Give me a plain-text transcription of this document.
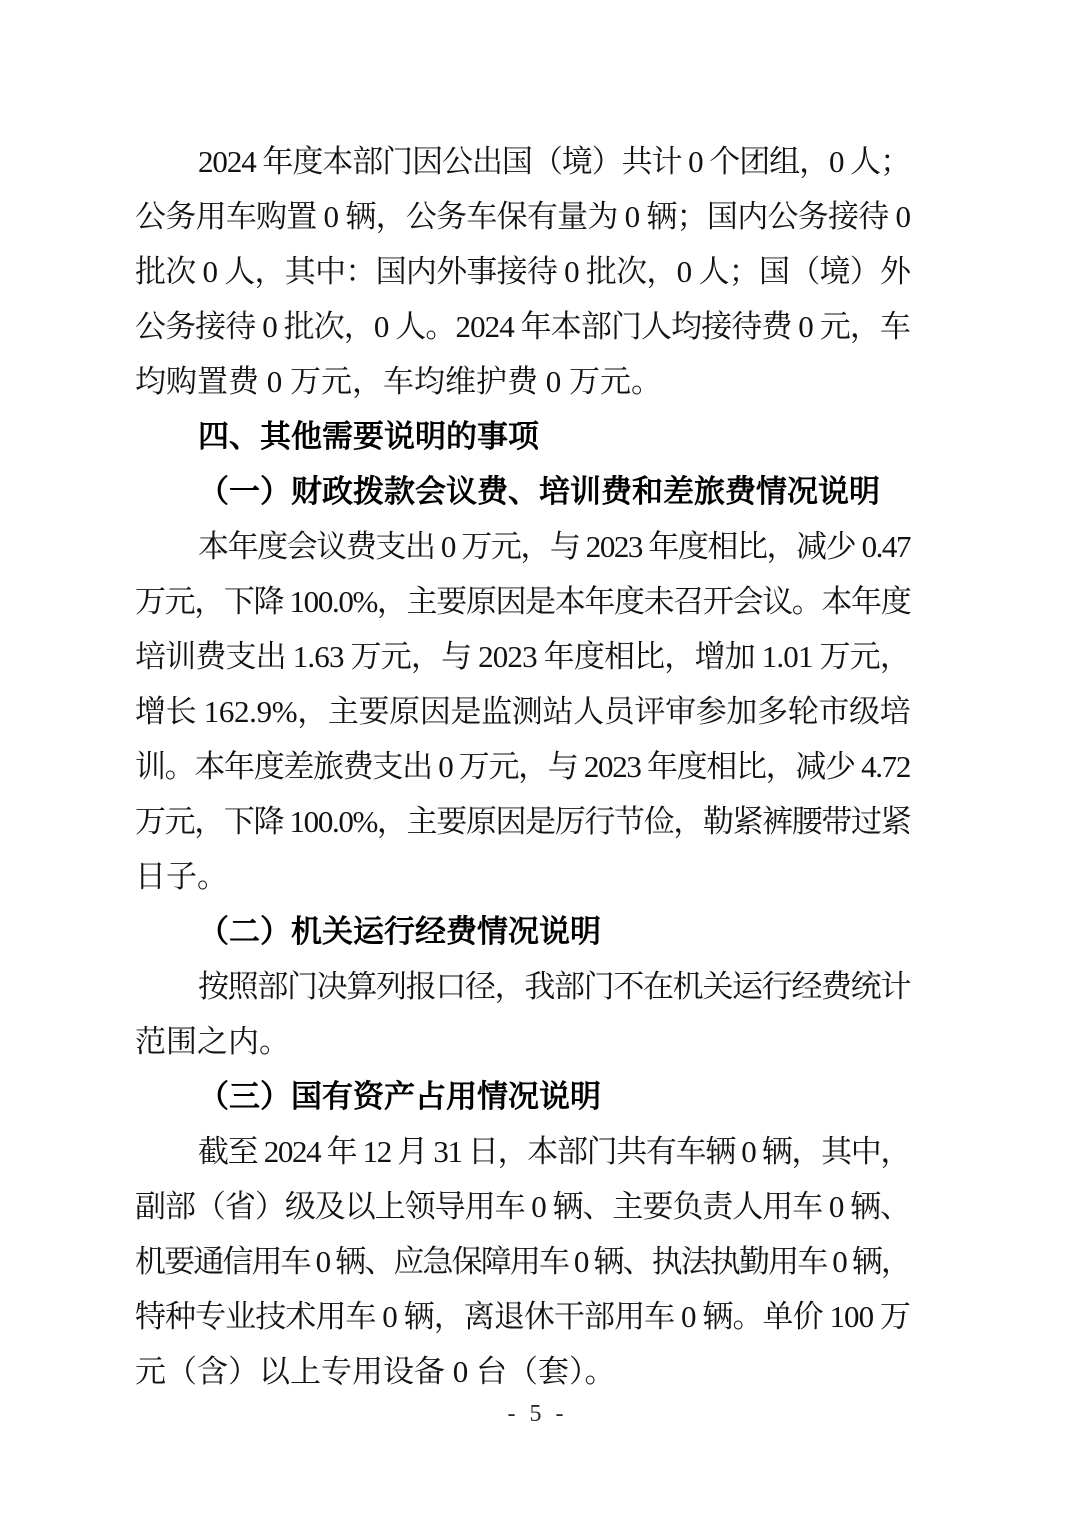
2024 年度本部门因公出国（境）共计 0 个团组，0 人；
公务用车购置 0 辆，公务车保有量为 0 辆；国内公务接待 0
批次 0 人，其中：国内外事接待 0 批次，0 人；国（境）外
公务接待 0 批次，0 人。2024 年本部门人均接待费 0 元，车
均购置费 0 万元，车均维护费 0 万元。
四、其他需要说明的事项
（一）财政拨款会议费、培训费和差旅费情况说明
本年度会议费支出 0 万元，与 2023 年度相比，减少 0.47
万元，下降 100.0%，主要原因是本年度未召开会议。本年度
培训费支出 1.63 万元，与 2023 年度相比，增加 1.01 万元，
增长 162.9%，主要原因是监测站人员评审参加多轮市级培
训。本年度差旅费支出 0 万元，与 2023 年度相比，减少 4.72
万元，下降 100.0%，主要原因是厉行节俭，勒紧裤腰带过紧
日子。
（二）机关运行经费情况说明
按照部门决算列报口径，我部门不在机关运行经费统计
范围之内。
（三）国有资产占用情况说明
截至 2024 年 12 月 31 日，本部门共有车辆 0 辆，其中，
副部（省）级及以上领导用车 0 辆、主要负责人用车 0 辆、
机要通信用车 0 辆、应急保障用车 0 辆、执法执勤用车 0 辆，
特种专业技术用车 0 辆，离退休干部用车 0 辆。单价 100 万
元（含）以上专用设备 0 台（套）。
- 5 -
